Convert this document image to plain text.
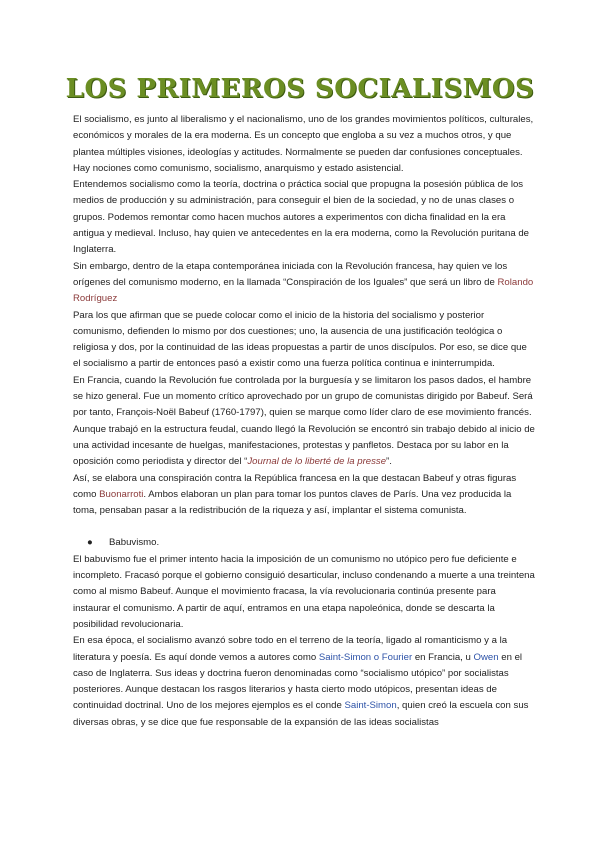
LOS PRIMEROS SOCIALISMOS

El socialismo, es junto al liberalismo y el nacionalismo, uno de los grandes movimientos políticos, culturales, económicos y morales de la era moderna. Es un concepto que engloba a su vez a muchos otros, y que plantea múltiples visiones, ideologías y actitudes. Normalmente se pueden dar confusiones conceptuales. Hay nociones como comunismo, socialismo, anarquismo y estado asistencial.

Entendemos socialismo como la teoría, doctrina o práctica social que propugna la posesión pública de los medios de producción y su administración, para conseguir el bien de la sociedad, y no de unas clases o grupos. Podemos remontar como hacen muchos autores a experimentos con dicha finalidad en la era antigua y medieval. Incluso, hay quien ve antecedentes en la era moderna, como la Revolución puritana de Inglaterra.

Sin embargo, dentro de la etapa contemporánea iniciada con la Revolución francesa, hay quien ve los orígenes del comunismo moderno, en la llamada “Conspiración de los Iguales” que será un libro de Rolando Rodríguez

Para los que afirman que se puede colocar como el inicio de la historia del socialismo y posterior comunismo, defienden lo mismo por dos cuestiones; uno, la ausencia de una justificación teológica o religiosa y dos, por la continuidad de las ideas propuestas a partir de unos discípulos. Por eso, se dice que el socialismo a partir de entonces pasó a existir como una fuerza política continua e ininterrumpida.

En Francia, cuando la Revolución fue controlada por la burguesía y se limitaron los pasos dados, el hambre se hizo general. Fue un momento crítico aprovechado por un grupo de comunistas dirigido por Babeuf. Será por tanto, François-Noël Babeuf (1760-1797), quien se marque como líder claro de ese movimiento francés. Aunque trabajó en la estructura feudal, cuando llegó la Revolución se encontró sin trabajo debido al inicio de una actividad incesante de huelgas, manifestaciones, protestas y panfletos. Destaca por su labor en la oposición como periodista y director del “Journal de lo liberté de la presse”.

Así, se elabora una conspiración contra la República francesa en la que destacan Babeuf y otras figuras como Buonarroti. Ambos elaboran un plan para tomar los puntos claves de París. Una vez producida la toma, pensaban pasar a la redistribución de la riqueza y así, implantar el sistema comunista.

● Babuvismo.

El babuvismo fue el primer intento hacia la imposición de un comunismo no utópico pero fue deficiente e incompleto. Fracasó porque el gobierno consiguió desarticular, incluso condenando a muerte a una treintena como al mismo Babeuf. Aunque el movimiento fracasa, la vía revolucionaria continúa presente para instaurar el comunismo. A partir de aquí, entramos en una etapa napoleónica, donde se descarta la posibilidad revolucionaria.

En esa época, el socialismo avanzó sobre todo en el terreno de la teoría, ligado al romanticismo y a la literatura y poesía. Es aquí donde vemos a autores como Saint-Simon o Fourier en Francia, u Owen en el caso de Inglaterra. Sus ideas y doctrina fueron denominadas como “socialismo utópico” por socialistas posteriores. Aunque destacan los rasgos literarios y hasta cierto modo utópicos, presentan ideas de continuidad doctrinal. Uno de los mejores ejemplos es el conde Saint-Simon, quien creó la escuela con sus diversas obras, y se dice que fue responsable de la expansión de las ideas socialistas
